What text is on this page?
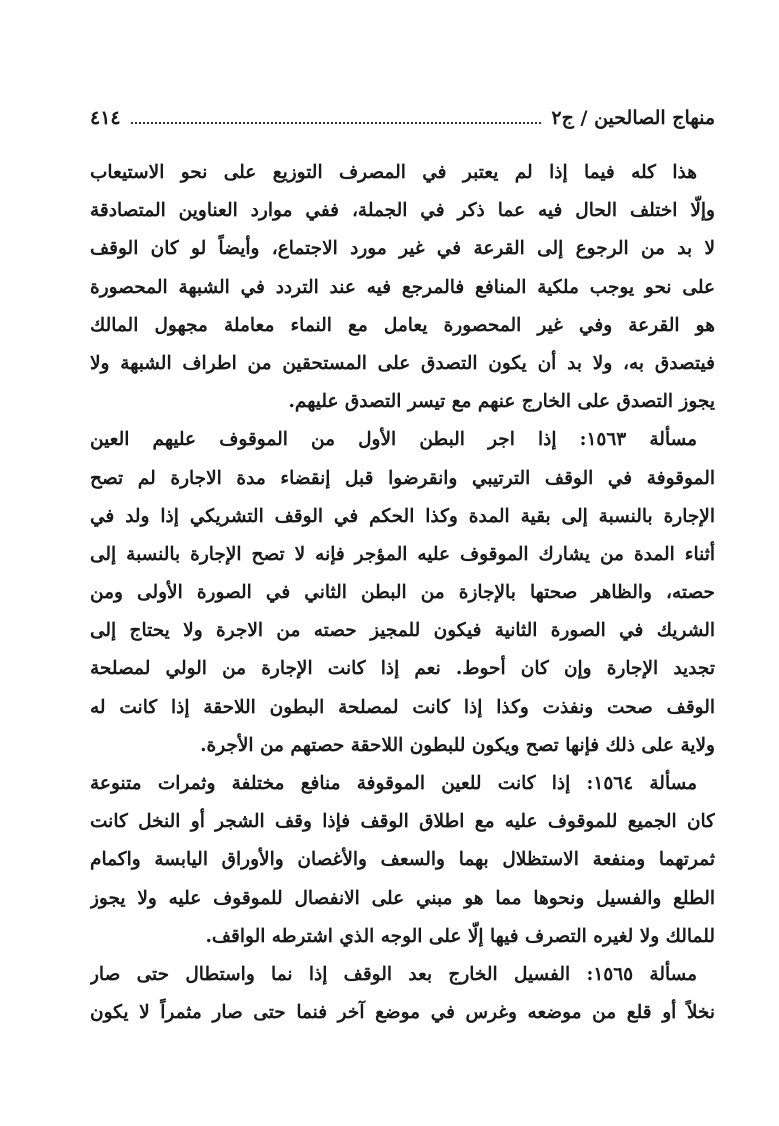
منهاج الصالحين / ج٢
٤١٤
هذا كله فيما إذا لم يعتبر في المصرف التوزيع على نحو الاستيعاب
وإلّا اختلف الحال فيه عما ذكر في الجملة، ففي موارد العناوين المتصادقة
لا بد من الرجوع إلى القرعة في غير مورد الاجتماع، وأيضاً لو كان الوقف
على نحو يوجب ملكية المنافع فالمرجع فيه عند التردد في الشبهة المحصورة
هو القرعة وفي غير المحصورة يعامل مع النماء معاملة مجهول المالك
فيتصدق به، ولا بد أن يكون التصدق على المستحقين من اطراف الشبهة ولا
يجوز التصدق على الخارج عنهم مع تيسر التصدق عليهم.
مسألة ١٥٦٣: إذا اجر البطن الأول من الموقوف عليهم العين
الموقوفة في الوقف الترتيبي وانقرضوا قبل إنقضاء مدة الاجارة لم تصح
الإجارة بالنسبة إلى بقية المدة وكذا الحكم في الوقف التشريكي إذا ولد في
أثناء المدة من يشارك الموقوف عليه المؤجر فإنه لا تصح الإجارة بالنسبة إلى
حصته، والظاهر صحتها بالإجازة من البطن الثاني في الصورة الأولى ومن
الشريك في الصورة الثانية فيكون للمجيز حصته من الاجرة ولا يحتاج إلى
تجديد الإجارة وإن كان أحوط. نعم إذا كانت الإجارة من الولي لمصلحة
الوقف صحت ونفذت وكذا إذا كانت لمصلحة البطون اللاحقة إذا كانت له
ولاية على ذلك فإنها تصح ويكون للبطون اللاحقة حصتهم من الأجرة.
مسألة ١٥٦٤: إذا كانت للعين الموقوفة منافع مختلفة وثمرات متنوعة
كان الجميع للموقوف عليه مع اطلاق الوقف فإذا وقف الشجر أو النخل كانت
ثمرتهما ومنفعة الاستظلال بهما والسعف والأغصان والأوراق اليابسة واكمام
الطلع والفسيل ونحوها مما هو مبني على الانفصال للموقوف عليه ولا يجوز
للمالك ولا لغيره التصرف فيها إلّا على الوجه الذي اشترطه الواقف.
مسألة ١٥٦٥: الفسيل الخارج بعد الوقف إذا نما واستطال حتى صار
نخلاً أو قلع من موضعه وغرس في موضع آخر فنما حتى صار مثمراً لا يكون
